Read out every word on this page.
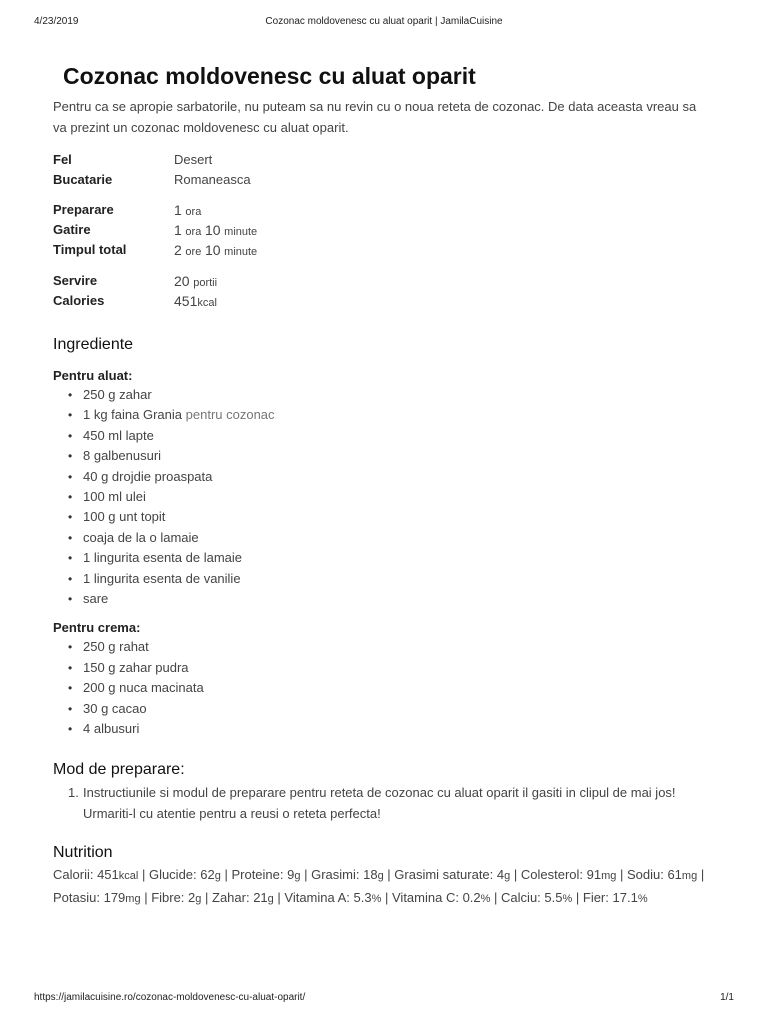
4/23/2019	Cozonac moldovenesc cu aluat oparit | JamilaCuisine
Cozonac moldovenesc cu aluat oparit

Pentru ca se apropie sarbatorile, nu puteam sa nu revin cu o noua reteta de cozonac. De data aceasta vreau sa va prezint un cozonac moldovenesc cu aluat oparit.

Fel	Desert
Bucatarie	Romaneasca
Preparare	1 ora
Gatire	1 ora 10 minute
Timpul total	2 ore 10 minute
Servire	20 portii
Calories	451kcal
Ingrediente
Pentru aluat:
• 250 g zahar
• 1 kg faina Grania pentru cozonac
• 450 ml lapte
• 8 galbenusuri
• 40 g drojdie proaspata
• 100 ml ulei
• 100 g unt topit
• coaja de la o lamaie
• 1 lingurita esenta de lamaie
• 1 lingurita esenta de vanilie
• sare
Pentru crema:
• 250 g rahat
• 150 g zahar pudra
• 200 g nuca macinata
• 30 g cacao
• 4 albusuri
Mod de preparare:
1. Instructiunile si modul de preparare pentru reteta de cozonac cu aluat oparit il gasiti in clipul de mai jos! Urmariti-l cu atentie pentru a reusi o reteta perfecta!
Nutrition
Calorii: 451kcal | Glucide: 62g | Proteine: 9g | Grasimi: 18g | Grasimi saturate: 4g | Colesterol: 91mg | Sodiu: 61mg | Potasiu: 179mg | Fibre: 2g | Zahar: 21g | Vitamina A: 5.3% | Vitamina C: 0.2% | Calciu: 5.5% | Fier: 17.1%
https://jamilacuisine.ro/cozonac-moldovenesc-cu-aluat-oparit/	1/1
